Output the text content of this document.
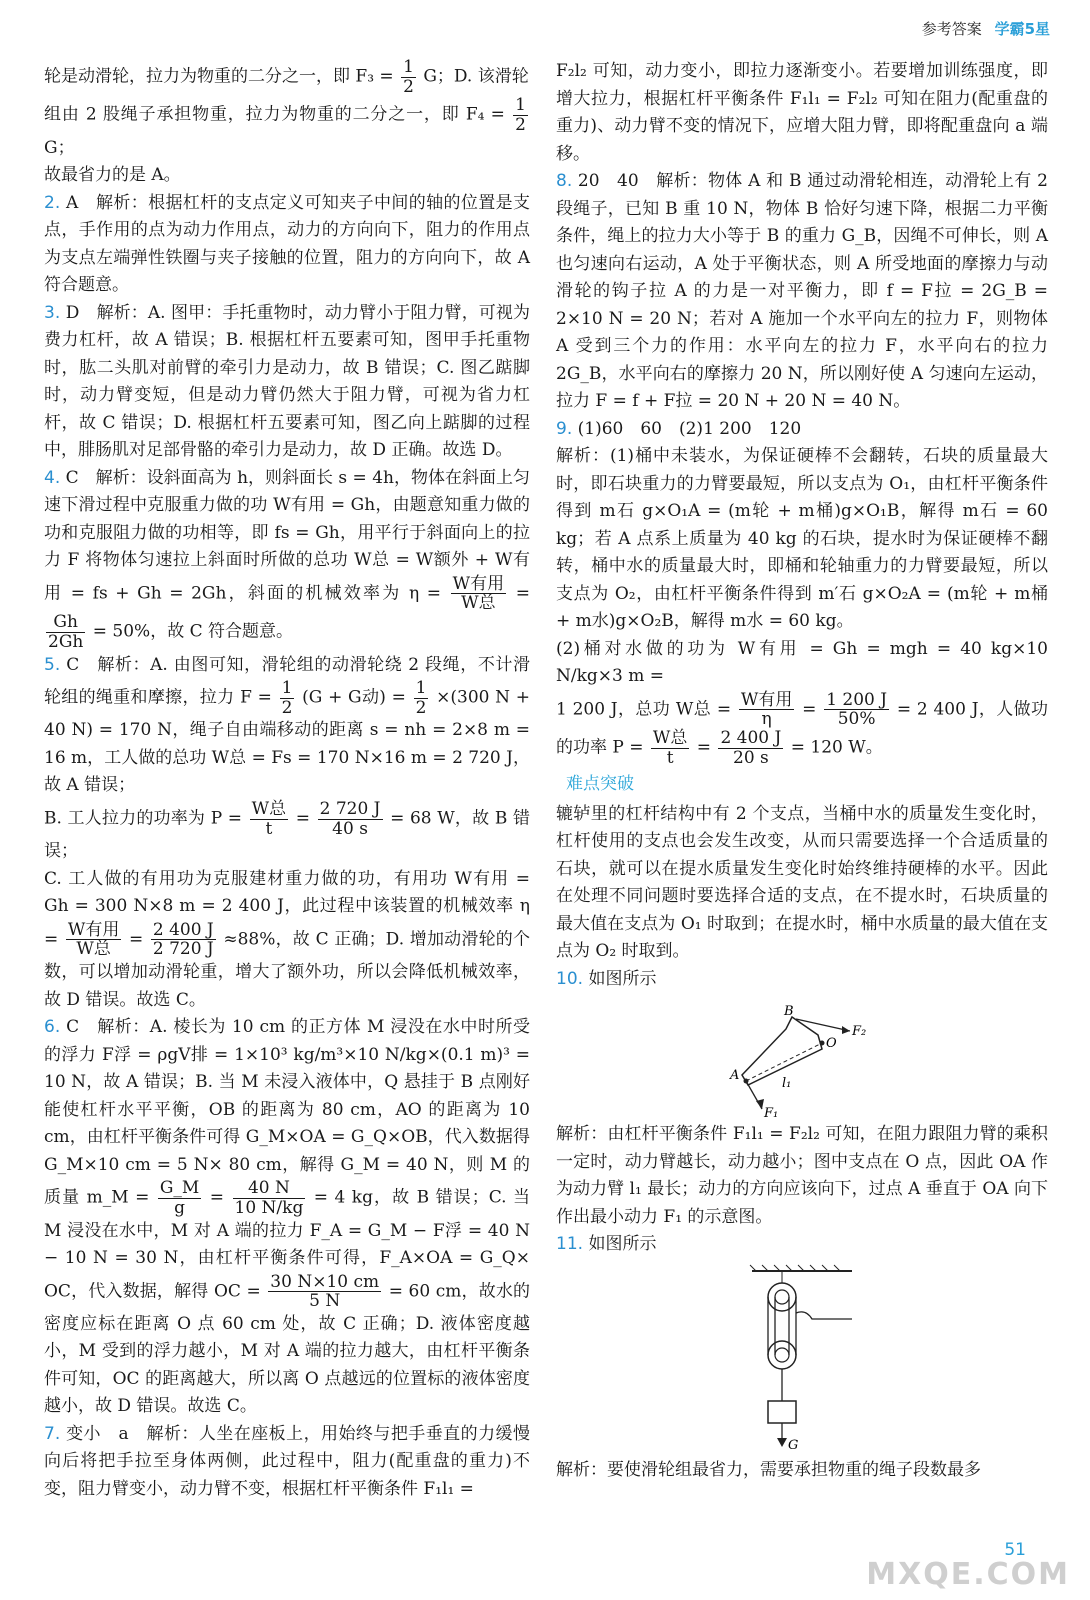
参考答案 学霸5星
轮是动滑轮，拉力为物重的二分之一，即 $F_3 = \frac{1}{2}$ G；D. 该滑轮
组由 2 股绳子承担物重，拉力为物重的二分之一，即 $F_4 = \frac{1}{2}$
G；
故最省力的是 A。
2. A　解析：根据杠杆的支点定义可知夹子中间的轴的位置是支点，手作用的点为动力作用点，动力的方向向下，阻力的作用点为支点左端弹性铁圈与夹子接触的位置，阻力的方向向下，故 A 符合题意。
3. D　解析：A. 图甲：手托重物时，动力臂小于阻力臂，可视为费力杠杆，故 A 错误；B. 根据杠杆五要素可知，图甲手托重物时，肱二头肌对前臂的牵引力是动力，故 B 错误；C. 图乙踮脚时，动力臂变短，但是动力臂仍然大于阻力臂，可视为省力杠杆，故 C 错误；D. 根据杠杆五要素可知，图乙向上踮脚的过程中，腓肠肌对足部骨骼的牵引力是动力，故 D 正确。故选 D。
4. C　解析：设斜面高为 h，则斜面长 s = 4h，物体在斜面上匀速下滑过程中克服重力做的功 W有用 = Gh，由题意知重力做的功和克服阻力做的功相等，即 fs = Gh，用平行于斜面向上的拉力 F 将物体匀速拉上斜面时所做的总功 W总 = W额外 + W有用 = fs + Gh = 2Gh，斜面的机械效率为 $\eta = \frac{\text{W有用}}{\text{W总}}$ =
$\frac{Gh}{2Gh} = 50\%$，故 C 符合题意。
5. C　解析：A. 由图可知，滑轮组的动滑轮绕 2 段绳，不计滑轮组的绳重和摩擦，拉力 $F = \frac{1}{2} (G + G$动) = $\frac{1}{2} \times(300$ N + 40 N) = 170 N，绳子自由端移动的距离 s = nh = 2×8 m = 16 m，工人做的总功 W总 = Fs = 170 N×16 m = 2 720 J，故 A 错误；
B. 工人拉力的功率为 $P = \frac{\text{W总}}{t} = \frac{2 720 J}{40 s} = 68$ W，故 B 错误；
C. 工人做的有用功为克服建材重力做的功，有用功 W有用 = Gh = 300 N×8 m = 2 400 J，此过程中该装置的机械效率 $\eta = \frac{\text{W有用}}{\text{W总}} = \frac{2 400 J}{2 720 J} \approx 88\%$，故 C 正确；D. 增加动滑轮的个数，可以增加动滑轮重，增大了额外功，所以会降低机械效率，故 D 错误。故选 C。
6. C　解析：A. 棱长为 10 cm 的正方体 M 浸没在水中时所受的浮力 F浮 = ρgV排 = 1×10³ kg/m³×10 N/kg×(0.1 m)³ = 10 N，故 A 错误；B. 当 M 未浸入液体中，Q 悬挂于 B 点刚好能使杠杆水平平衡，OB 的距离为 80 cm，AO 的距离为 10 cm，由杠杆平衡条件可得 G_M×OA = G_Q×OB，代入数据得 G_M×10 cm = 5 N× 80 cm，解得 G_M = 40 N，则 M 的质量 m_M = $\frac{G\_M}{g} = \frac{40 N}{10 N/kg} = 4$ kg，故 B 错误；C. 当 M 浸没在水中，M 对 A 端的拉力 F_A = G_M − F浮 = 40 N − 10 N = 30 N，由杠杆平衡条件可得，F_A×OA = G_Q× OC，代入数据，解得 OC = $\frac{30 N\times 10 cm}{5 N} = 60$ cm，故水的密度应标在距离 O 点 60 cm 处，故 C 正确；D. 液体密度越小，M 受到的浮力越小，M 对 A 端的拉力越大，由杠杆平衡条件可知，OC 的距离越大，所以离 O 点越远的位置标的液体密度越小，故 D 错误。故选 C。
7. 变小　a　解析：人坐在座板上，用始终与把手垂直的力缓慢向后将把手拉至身体两侧，此过程中，阻力(配重盘的重力)不变，阻力臂变小，动力臂不变，根据杠杆平衡条件 F₁l₁ =
F₂l₂ 可知，动力变小，即拉力逐渐变小。若要增加训练强度，即增大拉力，根据杠杆平衡条件 F₁l₁ = F₂l₂ 可知在阻力(配重盘的重力)、动力臂不变的情况下，应增大阻力臂，即将配重盘向 a 端移。
8. 20　40　解析：物体 A 和 B 通过动滑轮相连，动滑轮上有 2 段绳子，已知 B 重 10 N，物体 B 恰好匀速下降，根据二力平衡条件，绳上的拉力大小等于 B 的重力 G_B，因绳不可伸长，则 A 也匀速向右运动，A 处于平衡状态，则 A 所受地面的摩擦力与动滑轮的钩子拉 A 的力是一对平衡力，即 f = F拉 = 2G_B = 2×10 N = 20 N；若对 A 施加一个水平向左的拉力 F，则物体 A 受到三个力的作用：水平向左的拉力 F，水平向右的拉力 2G_B，水平向右的摩擦力 20 N，所以刚好使 A 匀速向左运动，拉力 F = f + F拉 = 20 N + 20 N = 40 N。
9. (1)60　60　(2)1 200　120
解析：(1)桶中未装水，为保证硬棒不会翻转，石块的质量最大时，即石块重力的力臂要最短，所以支点为 O₁，由杠杆平衡条件得到 m石 g×O₁A = (m轮 + m桶)g×O₁B，解得 m石 = 60 kg；若 A 点系上质量为 40 kg 的石块，提水时为保证硬棒不翻转，桶中水的质量最大时，即桶和轮轴重力的力臂要最短，所以支点为 O₂，由杠杆平衡条件得到 m′石 g×O₂A = (m轮 + m桶 + m水)g×O₂B，解得 m水 = 60 kg。
(2)桶对水做的功为 W有用 = Gh = mgh = 40 kg×10 N/kg×3 m =
1 200 J，总功 W总 = $\frac{\text{W有用}}{\eta} = \frac{1 200 J}{50\%} = 2$ 400 J，人做功的功率 $P = \frac{\text{W总}}{t} = \frac{2 400 J}{20 s} = 120$ W。
难点突破
辘轳里的杠杆结构中有 2 个支点，当桶中水的质量发生变化时，杠杆使用的支点也会发生改变，从而只需要选择一个合适质量的石块，就可以在提水质量发生变化时始终维持硬棒的水平。因此在处理不同问题时要选择合适的支点，在不提水时，石块质量的最大值在支点为 O₁ 时取到；在提水时，桶中水质量的最大值在支点为 O₂ 时取到。
10. 如图所示
B
F₂
O
A
l₁
F₁
解析：由杠杆平衡条件 F₁l₁ = F₂l₂ 可知，在阻力跟阻力臂的乘积一定时，动力臂越长，动力越小；图中支点在 O 点，因此 OA 作为动力臂 l₁ 最长；动力的方向应该向下，过点 A 垂直于 OA 向下作出最小动力 F₁ 的示意图。
11. 如图所示
G
解析：要使滑轮组最省力，需要承担物重的绳子段数最多
51
MXQE.COM
